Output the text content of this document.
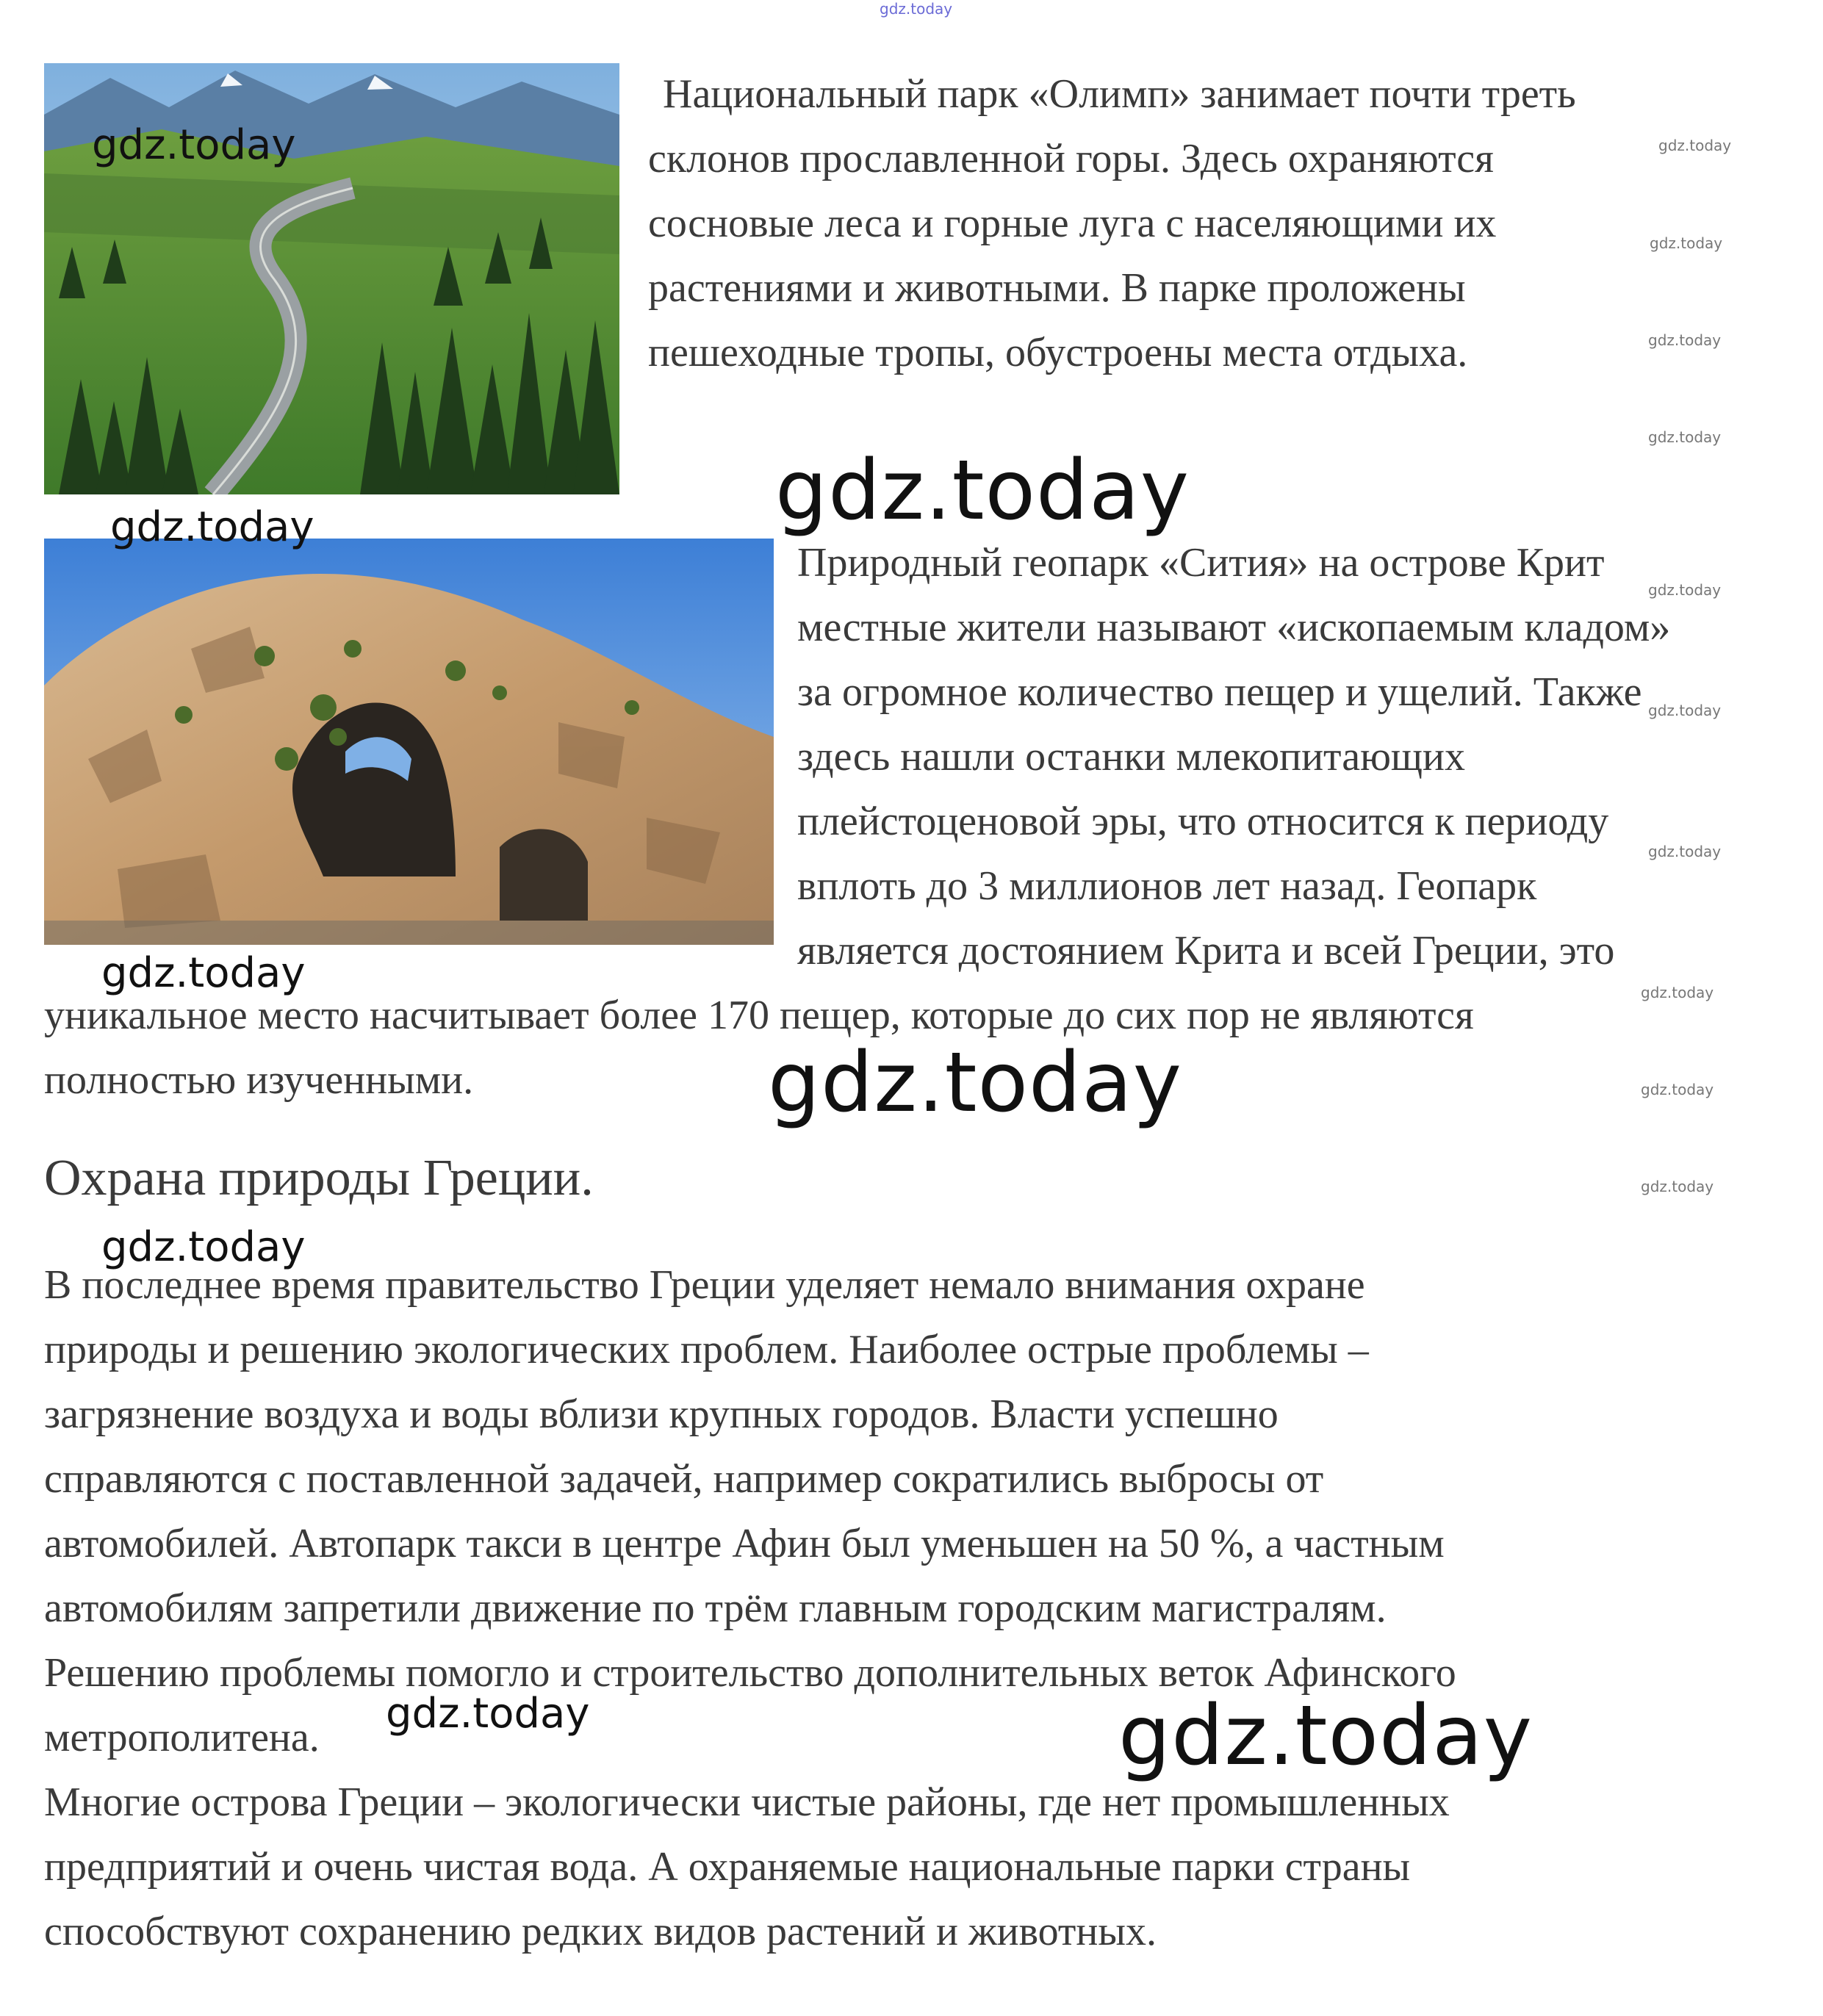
gdz.today
Национальный парк «Олимп» занимает почти треть
склонов прославленной горы. Здесь охраняются
сосновые леса и горные луга с населяющими их
растениями и животными. В парке проложены
пешеходные тропы, обустроены места отдыха.
Природный геопарк «Сития» на острове Крит
местные жители называют «ископаемым кладом»
за огромное количество пещер и ущелий. Также
здесь нашли останки млекопитающих
плейстоценовой эры, что относится к периоду
вплоть до 3 миллионов лет назад. Геопарк
является достоянием Крита и всей Греции, это
уникальное место насчитывает более 170 пещер, которые до сих пор не являются
полностью изученными.
Охрана природы Греции.
В последнее время правительство Греции уделяет немало внимания охране
природы и решению экологических проблем. Наиболее острые проблемы –
загрязнение воздуха и воды вблизи крупных городов. Власти успешно
справляются с поставленной задачей, например сократились выбросы от
автомобилей. Автопарк такси в центре Афин был уменьшен на 50 %, а частным
автомобилям запретили движение по трём главным городским магистралям.
Решению проблемы помогло и строительство дополнительных веток Афинского
метрополитена.
Многие острова Греции – экологически чистые районы, где нет промышленных
предприятий и очень чистая вода. А охраняемые национальные парки страны
способствуют сохранению редких видов растений и животных.
gdz.today
gdz.today	gdz.today
gdz.today
gdz.today
gdz.today
gdz.today	gdz.today
gdz.today
gdz.today
gdz.today
gdz.today
gdz.today
gdz.today
gdz.today
gdz.today
gdz.today
gdz.today
